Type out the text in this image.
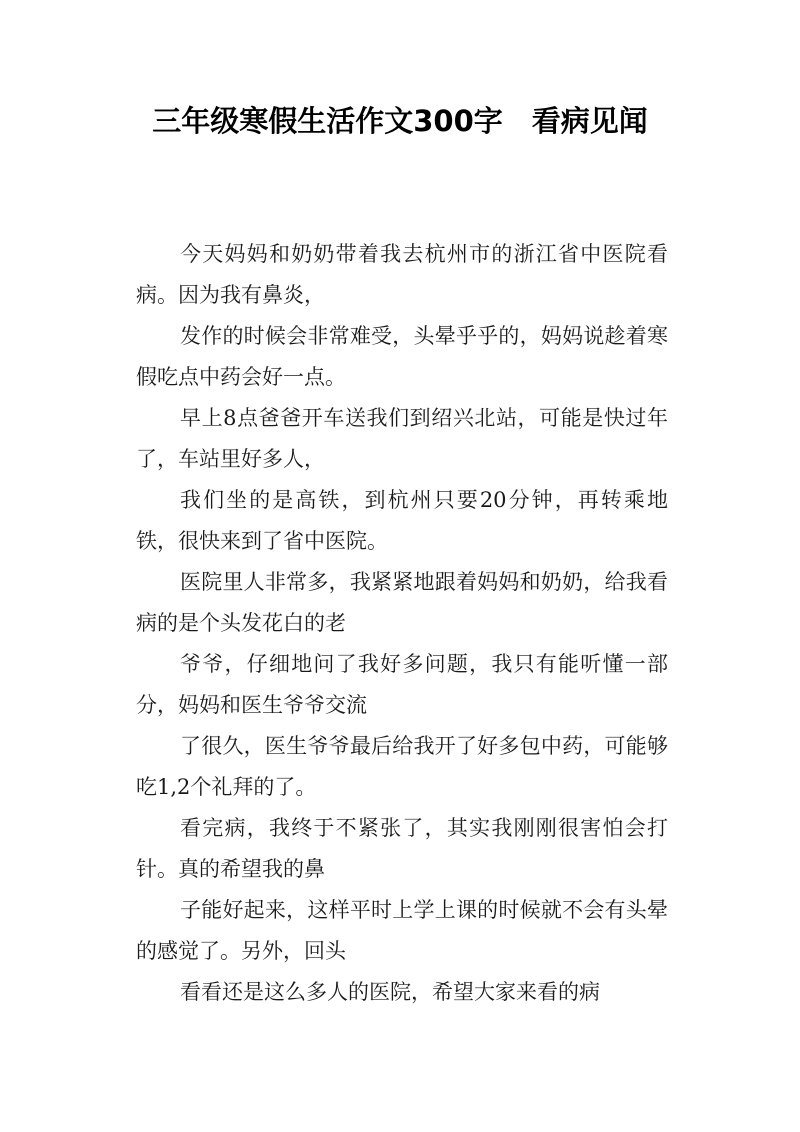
三年级寒假生活作文300字　看病见闻

今天妈妈和奶奶带着我去杭州市的浙江省中医院看病。因为我有鼻炎，

发作的时候会非常难受，头晕乎乎的，妈妈说趁着寒假吃点中药会好一点。

早上8点爸爸开车送我们到绍兴北站，可能是快过年了，车站里好多人，

我们坐的是高铁，到杭州只要20分钟，再转乘地铁，很快来到了省中医院。

医院里人非常多，我紧紧地跟着妈妈和奶奶，给我看病的是个头发花白的老

爷爷，仔细地问了我好多问题，我只有能听懂一部分，妈妈和医生爷爷交流

了很久，医生爷爷最后给我开了好多包中药，可能够吃1,2个礼拜的了。

看完病，我终于不紧张了，其实我刚刚很害怕会打针。真的希望我的鼻

子能好起来，这样平时上学上课的时候就不会有头晕的感觉了。另外，回头

看看还是这么多人的医院，希望大家来看的病
